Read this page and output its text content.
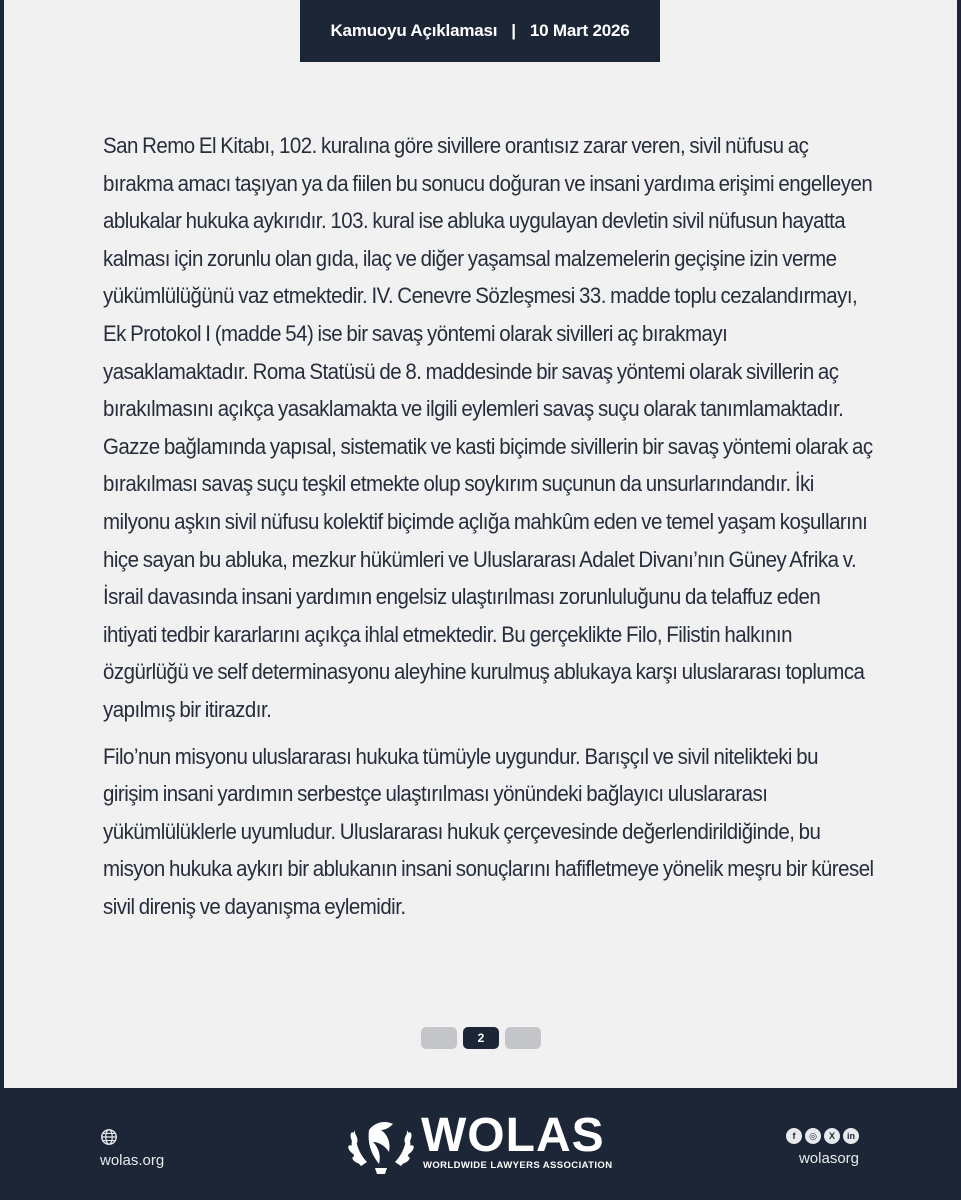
Kamuoyu Açıklaması | 10 Mart 2026

San Remo El Kitabı, 102. kuralına göre sivillere orantısız zarar veren, sivil nüfusu aç bırakma amacı taşıyan ya da fiilen bu sonucu doğuran ve insani yardıma erişimi engelleyen ablukalar hukuka aykırıdır. 103. kural ise abluka uygulayan devletin sivil nüfusun hayatta kalması için zorunlu olan gıda, ilaç ve diğer yaşamsal malzemelerin geçişine izin verme yükümlülüğünü vaz etmektedir. IV. Cenevre Sözleşmesi 33. madde toplu cezalandırmayı, Ek Protokol I (madde 54) ise bir savaş yöntemi olarak sivilleri aç bırakmayı yasaklamaktadır. Roma Statüsü de 8. maddesinde bir savaş yöntemi olarak sivillerin aç bırakılmasını açıkça yasaklamakta ve ilgili eylemleri savaş suçu olarak tanımlamaktadır. Gazze bağlamında yapısal, sistematik ve kasti biçimde sivillerin bir savaş yöntemi olarak aç bırakılması savaş suçu teşkil etmekte olup soykırım suçunun da unsurlarındandır. İki milyonu aşkın sivil nüfusu kolektif biçimde açlığa mahkûm eden ve temel yaşam koşullarını hiçe sayan bu abluka, mezkur hükümleri ve Uluslararası Adalet Divanı’nın Güney Afrika v. İsrail davasında insani yardımın engelsiz ulaştırılması zorunluluğunu da telaffuz eden ihtiyati tedbir kararlarını açıkça ihlal etmektedir. Bu gerçeklikte Filo, Filistin halkının özgürlüğü ve self determinasyonu aleyhine kurulmuş ablukaya karşı uluslararası toplumca yapılmış bir itirazdır.

Filo’nun misyonu uluslararası hukuka tümüyle uygundur. Barışçıl ve sivil nitelikteki bu girişim insani yardımın serbestçe ulaştırılması yönündeki bağlayıcı uluslararası yükümlülüklerle uyumludur. Uluslararası hukuk çerçevesinde değerlendirildiğinde, bu misyon hukuka aykırı bir ablukanın insani sonuçlarını hafifletmeye yönelik meşru bir küresel sivil direniş ve dayanışma eylemidir.

2
wolas.org	WOLAS
WORLDWIDE LAWYERS ASSOCIATION
f	◎	X	in
wolasorg
